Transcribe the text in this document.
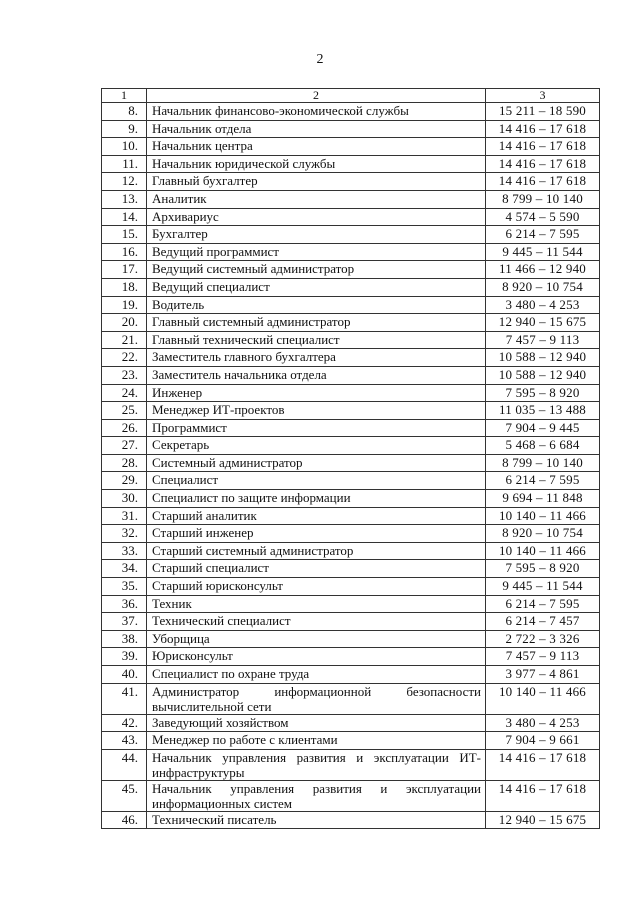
2
1	2	3
8.	Начальник финансово-экономической службы	15 211 – 18 590
9.	Начальник отдела	14 416 – 17 618
10.	Начальник центра	14 416 – 17 618
11.	Начальник юридической службы	14 416 – 17 618
12.	Главный бухгалтер	14 416 – 17 618
13.	Аналитик	8 799 – 10 140
14.	Архивариус	4 574 – 5 590
15.	Бухгалтер	6 214 – 7 595
16.	Ведущий программист	9 445 – 11 544
17.	Ведущий системный администратор	11 466 – 12 940
18.	Ведущий специалист	8 920 – 10 754
19.	Водитель	3 480 – 4 253
20.	Главный системный администратор	12 940 – 15 675
21.	Главный технический специалист	7 457 – 9 113
22.	Заместитель главного бухгалтера	10 588 – 12 940
23.	Заместитель начальника отдела	10 588 – 12 940
24.	Инженер	7 595 – 8 920
25.	Менеджер ИТ-проектов	11 035 – 13 488
26.	Программист	7 904 – 9 445
27.	Секретарь	5 468 – 6 684
28.	Системный администратор	8 799 – 10 140
29.	Специалист	6 214 – 7 595
30.	Специалист по защите информации	9 694 – 11 848
31.	Старший аналитик	10 140 – 11 466
32.	Старший инженер	8 920 – 10 754
33.	Старший системный администратор	10 140 – 11 466
34.	Старший специалист	7 595 – 8 920
35.	Старший юрисконсульт	9 445 – 11 544
36.	Техник	6 214 – 7 595
37.	Технический специалист	6 214 – 7 457
38.	Уборщица	2 722 – 3 326
39.	Юрисконсульт	7 457 – 9 113
40.	Специалист по охране труда	3 977 – 4 861
41.	Администратор информационной безопасности вычислительной сети	10 140 – 11 466
42.	Заведующий хозяйством	3 480 – 4 253
43.	Менеджер по работе с клиентами	7 904 – 9 661
44.	Начальник управления развития и эксплуатации ИТ-инфраструктуры	14 416 – 17 618
45.	Начальник управления развития и эксплуатации информационных систем	14 416 – 17 618
46.	Технический писатель	12 940 – 15 675
